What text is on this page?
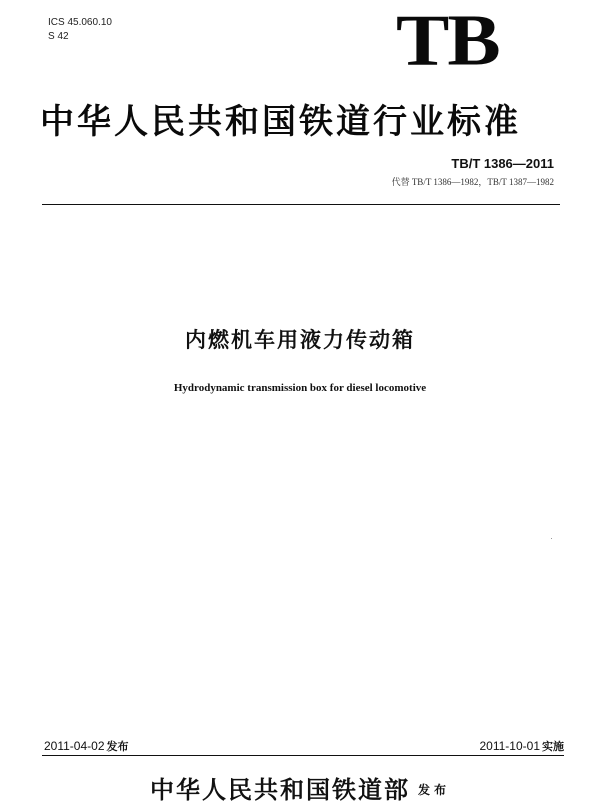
ICS 45.060.10
S 42	TB
中华人民共和国铁道行业标准
TB/T 1386—2011
代替 TB/T 1386—1982，TB/T 1387—1982
内燃机车用液力传动箱
Hydrodynamic transmission box for diesel locomotive
2011-04-02 发布	2011-10-01 实施
中华人民共和国铁道部 发布
